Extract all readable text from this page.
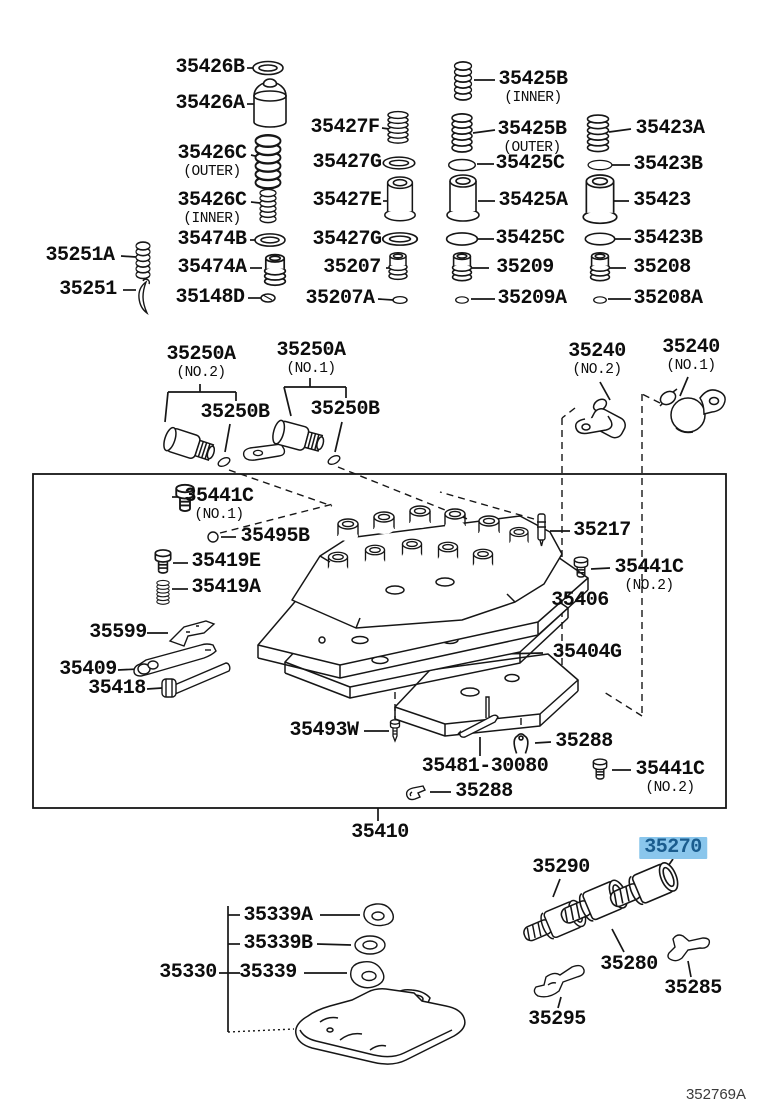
35426B
35426A
35426C
(OUTER)
35426C
(INNER)
35474B
35474A
35148D
35251A
35251
35427F
35427G
35427E
35427G
35207
35207A
35425B
(INNER)
35425B
(OUTER)
35425C
35425A
35425C
35209
35209A
35423A
35423B
35423
35423B
35208
35208A
35250A
(NO.2)
35250A
(NO.1)
35250B 35250B
35240
(NO.2)
35240
(NO.1)
35441C
(NO.1)
35495B
35419E
35419A
35599
35409
35418
35217
35441C
(NO.2)
35406
35404G
35493W
35481-30080
35288
35441C
(NO.2)
35288
35410
35339A
35339B
35330 35339
35270
35290
35280
35285
35295
352769A
